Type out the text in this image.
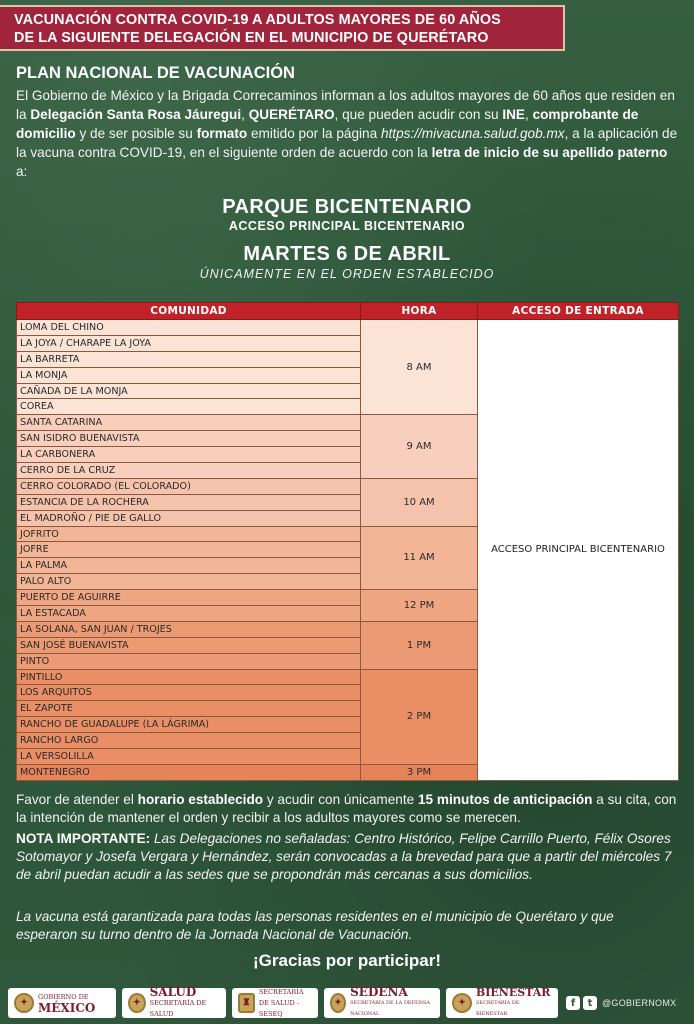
VACUNACIÓN CONTRA COVID-19 A ADULTOS MAYORES DE 60 AÑOS
DE LA SIGUIENTE DELEGACIÓN EN EL MUNICIPIO DE QUERÉTARO
PLAN NACIONAL DE VACUNACIÓN
El Gobierno de México y la Brigada Correcaminos informan a los adultos mayores de 60 años que residen en la Delegación Santa Rosa Jáuregui, QUERÉTARO, que pueden acudir con su INE, comprobante de domicilio y de ser posible su formato emitido por la página https://mivacuna.salud.gob.mx, a la aplicación de la vacuna contra COVID-19, en el siguiente orden de acuerdo con la letra de inicio de su apellido paterno a:
PARQUE BICENTENARIO
ACCESO PRINCIPAL BICENTENARIO
MARTES 6 DE ABRIL
ÚNICAMENTE EN EL ORDEN ESTABLECIDO
COMUNIDAD	HORA	ACCESO DE ENTRADA
LOMA DEL CHINO	8 AM	ACCESO PRINCIPAL BICENTENARIO
LA JOYA / CHARAPE LA JOYA		
LA BARRETA		
LA MONJA		
CAÑADA DE LA MONJA		
COREA		
SANTA CATARINA	9 AM	
SAN ISIDRO BUENAVISTA		
LA CARBONERA		
CERRO DE LA CRUZ		
CERRO COLORADO (EL COLORADO)	10 AM	
ESTANCIA DE LA ROCHERA		
EL MADROÑO / PIE DE GALLO		
JOFRITO	11 AM	
JOFRE		
LA PALMA		
PALO ALTO		
PUERTO DE AGUIRRE	12 PM	
LA ESTACADA		
LA SOLANA, SAN JUAN / TROJES	1 PM	
SAN JOSÉ BUENAVISTA		
PINTO		
PINTILLO	2 PM	
LOS ARQUITOS		
EL ZAPOTE		
RANCHO DE GUADALUPE (LA LÁGRIMA)		
RANCHO LARGO		
LA VERSOLILLA		
MONTENEGRO	3 PM	
Favor de atender el horario establecido y acudir con únicamente 15 minutos de anticipación a su cita, con la intención de mantener el orden y recibir a los adultos mayores como se merecen.
NOTA IMPORTANTE: Las Delegaciones no señaladas: Centro Histórico, Felipe Carrillo Puerto, Félix Osores Sotomayor y Josefa Vergara y Hernández, serán convocadas a la brevedad para que a partir del miércoles 7 de abril puedan acudir a las sedes que se propondrán más cercanas a sus domicilios.
La vacuna está garantizada para todas las personas residentes en el municipio de Querétaro y que esperaron su turno dentro de la Jornada Nacional de Vacunación.
¡Gracias por participar!
✦
GOBIERNO DE
MÉXICO	✦
SALUD
SECRETARÍA DE SALUD
♜
SECRETARÍA
DE SALUD - SESEQ
✦
SEDENA
SECRETARÍA DE LA DEFENSA NACIONAL
✦
BIENESTAR
SECRETARÍA DE BIENESTAR
f	t	@GOBIERNOMX
